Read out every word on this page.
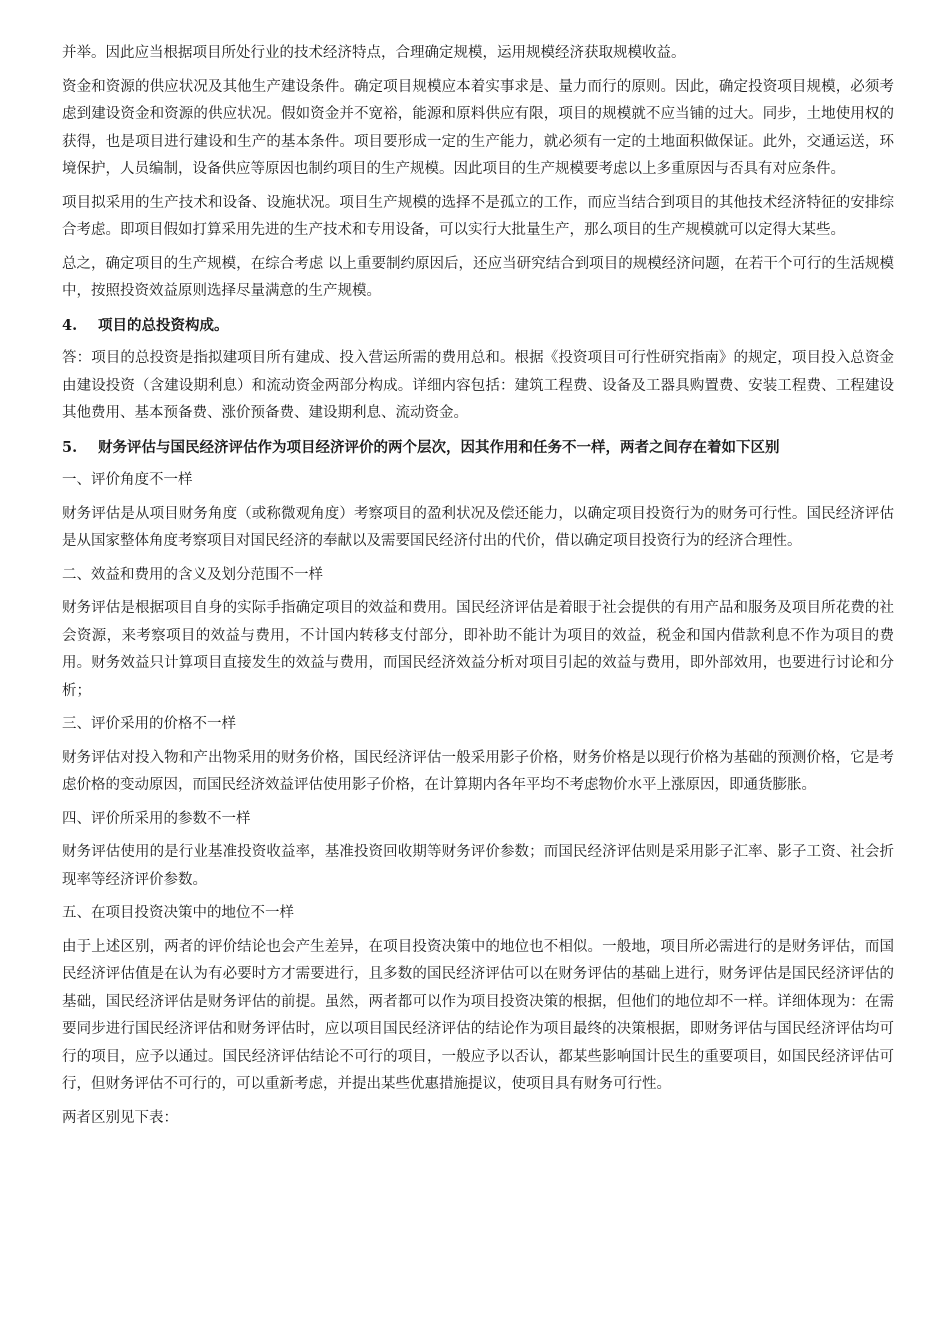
并举。因此应当根据项目所处行业的技术经济特点，合理确定规模，运用规模经济获取规模收益。

资金和资源的供应状况及其他生产建设条件。确定项目规模应本着实事求是、量力而行的原则。因此，确定投资项目规模，必须考虑到建设资金和资源的供应状况。假如资金并不宽裕，能源和原料供应有限，项目的规模就不应当铺的过大。同步，土地使用权的获得，也是项目进行建设和生产的基本条件。项目要形成一定的生产能力，就必须有一定的土地面积做保证。此外，交通运送，环境保护，人员编制，设备供应等原因也制约项目的生产规模。因此项目的生产规模要考虑以上多重原因与否具有对应条件。

项目拟采用的生产技术和设备、设施状况。项目生产规模的选择不是孤立的工作，而应当结合到项目的其他技术经济特征的安排综合考虑。即项目假如打算采用先进的生产技术和专用设备，可以实行大批量生产，那么项目的生产规模就可以定得大某些。

总之，确定项目的生产规模，在综合考虑 以上重要制约原因后，还应当研究结合到项目的规模经济问题，在若干个可行的生活规模中，按照投资效益原则选择尽量满意的生产规模。

4. 项目的总投资构成。

答：项目的总投资是指拟建项目所有建成、投入营运所需的费用总和。根据《投资项目可行性研究指南》的规定，项目投入总资金由建设投资（含建设期利息）和流动资金两部分构成。详细内容包括：建筑工程费、设备及工器具购置费、安装工程费、工程建设其他费用、基本预备费、涨价预备费、建设期利息、流动资金。

5. 财务评估与国民经济评估作为项目经济评价的两个层次，因其作用和任务不一样，两者之间存在着如下区别

一、评价角度不一样

财务评估是从项目财务角度（或称微观角度）考察项目的盈利状况及偿还能力，以确定项目投资行为的财务可行性。国民经济评估是从国家整体角度考察项目对国民经济的奉献以及需要国民经济付出的代价，借以确定项目投资行为的经济合理性。

二、效益和费用的含义及划分范围不一样

财务评估是根据项目自身的实际手指确定项目的效益和费用。国民经济评估是着眼于社会提供的有用产品和服务及项目所花费的社会资源，来考察项目的效益与费用，不计国内转移支付部分，即补助不能计为项目的效益，税金和国内借款利息不作为项目的费用。财务效益只计算项目直接发生的效益与费用，而国民经济效益分析对项目引起的效益与费用，即外部效用，也要进行讨论和分析；

三、评价采用的价格不一样

财务评估对投入物和产出物采用的财务价格，国民经济评估一般采用影子价格，财务价格是以现行价格为基础的预测价格，它是考虑价格的变动原因，而国民经济效益评估使用影子价格，在计算期内各年平均不考虑物价水平上涨原因，即通货膨胀。

四、评价所采用的参数不一样

财务评估使用的是行业基准投资收益率，基准投资回收期等财务评价参数；而国民经济评估则是采用影子汇率、影子工资、社会折现率等经济评价参数。

五、在项目投资决策中的地位不一样

由于上述区别，两者的评价结论也会产生差异，在项目投资决策中的地位也不相似。一般地，项目所必需进行的是财务评估，而国民经济评估值是在认为有必要时方才需要进行，且多数的国民经济评估可以在财务评估的基础上进行，财务评估是国民经济评估的基础，国民经济评估是财务评估的前提。虽然，两者都可以作为项目投资决策的根据，但他们的地位却不一样。详细体现为：在需要同步进行国民经济评估和财务评估时，应以项目国民经济评估的结论作为项目最终的决策根据，即财务评估与国民经济评估均可行的项目，应予以通过。国民经济评估结论不可行的项目，一般应予以否认，都某些影响国计民生的重要项目，如国民经济评估可行，但财务评估不可行的，可以重新考虑，并提出某些优惠措施提议，使项目具有财务可行性。

两者区别见下表：
